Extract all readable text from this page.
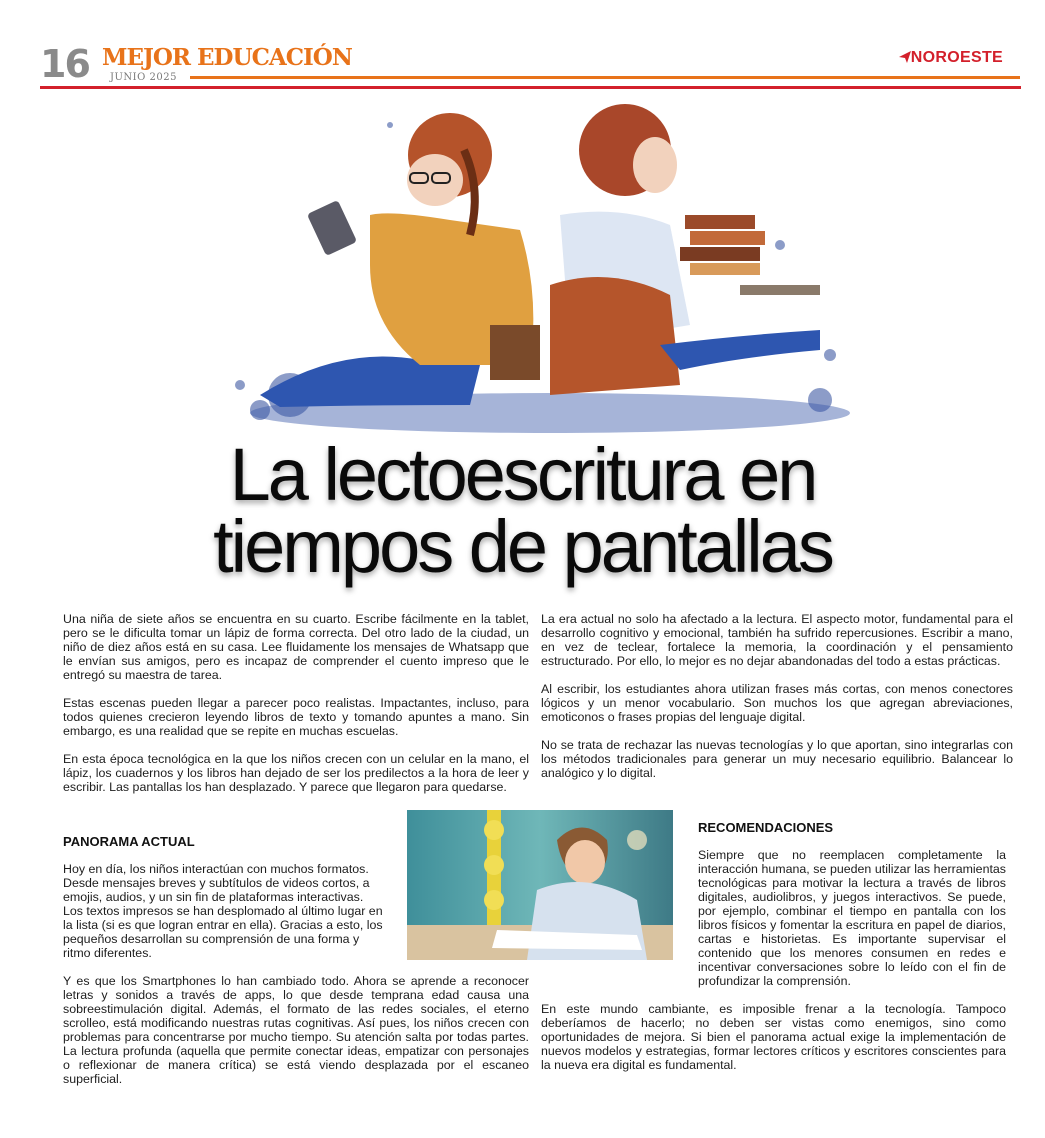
16 MEJOR EDUCACIÓN
JUNIO 2025
NOROESTE
La lectoescritura en
tiempos de pantallas

Una niña de siete años se encuentra en su cuarto. Escribe fácilmente en la tablet, pero se le dificulta tomar un lápiz de forma correcta. Del otro lado de la ciudad, un niño de diez años está en su casa. Lee fluidamente los mensajes de Whatsapp que le envían sus amigos, pero es incapaz de comprender el cuento impreso que le entregó su maestra de tarea.

Estas escenas pueden llegar a parecer poco realistas. Impactantes, incluso, para todos quienes crecieron leyendo libros de texto y tomando apuntes a mano. Sin embargo, es una realidad que se repite en muchas escuelas.

En esta época tecnológica en la que los niños crecen con un celular en la mano, el lápiz, los cuadernos y los libros han dejado de ser los predilectos a la hora de leer y escribir. Las pantallas los han desplazado. Y parece que llegaron para quedarse.

La era actual no solo ha afectado a la lectura. El aspecto motor, fundamental para el desarrollo cognitivo y emocional, también ha sufrido repercusiones. Escribir a mano, en vez de teclear, fortalece la memoria, la coordinación y el pensamiento estructurado. Por ello, lo mejor es no dejar abandonadas del todo a estas prácticas.

Al escribir, los estudiantes ahora utilizan frases más cortas, con menos conectores lógicos y un menor vocabulario. Son muchos los que agregan abreviaciones, emoticonos o frases propias del lenguaje digital.

No se trata de rechazar las nuevas tecnologías y lo que aportan, sino integrarlas con los métodos tradicionales para generar un muy necesario equilibrio. Balancear lo analógico y lo digital.

PANORAMA ACTUAL

Hoy en día, los niños interactúan con muchos formatos. Desde mensajes breves y subtítulos de videos cortos, a emojis, audios, y un sin fin de plataformas interactivas. Los textos impresos se han desplomado al último lugar en la lista (si es que logran entrar en ella). Gracias a esto, los pequeños desarrollan su comprensión de una forma y ritmo diferentes.

Y es que los Smartphones lo han cambiado todo. Ahora se aprende a reconocer letras y sonidos a través de apps, lo que desde temprana edad causa una sobreestimulación digital. Además, el formato de las redes sociales, el eterno scrolleo, está modificando nuestras rutas cognitivas. Así pues, los niños crecen con problemas para concentrarse por mucho tiempo. Su atención salta por todas partes. La lectura profunda (aquella que permite conectar ideas, empatizar con personajes o reflexionar de manera crítica) se está viendo desplazada por el escaneo superficial.

RECOMENDACIONES

Siempre que no reemplacen completamente la interacción humana, se pueden utilizar las herramientas tecnológicas para motivar la lectura a través de libros digitales, audiolibros, y juegos interactivos. Se puede, por ejemplo, combinar el tiempo en pantalla con los libros físicos y fomentar la escritura en papel de diarios, cartas e historietas. Es importante supervisar el contenido que los menores consumen en redes e incentivar conversaciones sobre lo leído con el fin de profundizar la comprensión.

En este mundo cambiante, es imposible frenar a la tecnología. Tampoco deberíamos de hacerlo; no deben ser vistas como enemigos, sino como oportunidades de mejora. Si bien el panorama actual exige la implementación de nuevos modelos y estrategias, formar lectores críticos y escritores conscientes para la nueva era digital es fundamental.
